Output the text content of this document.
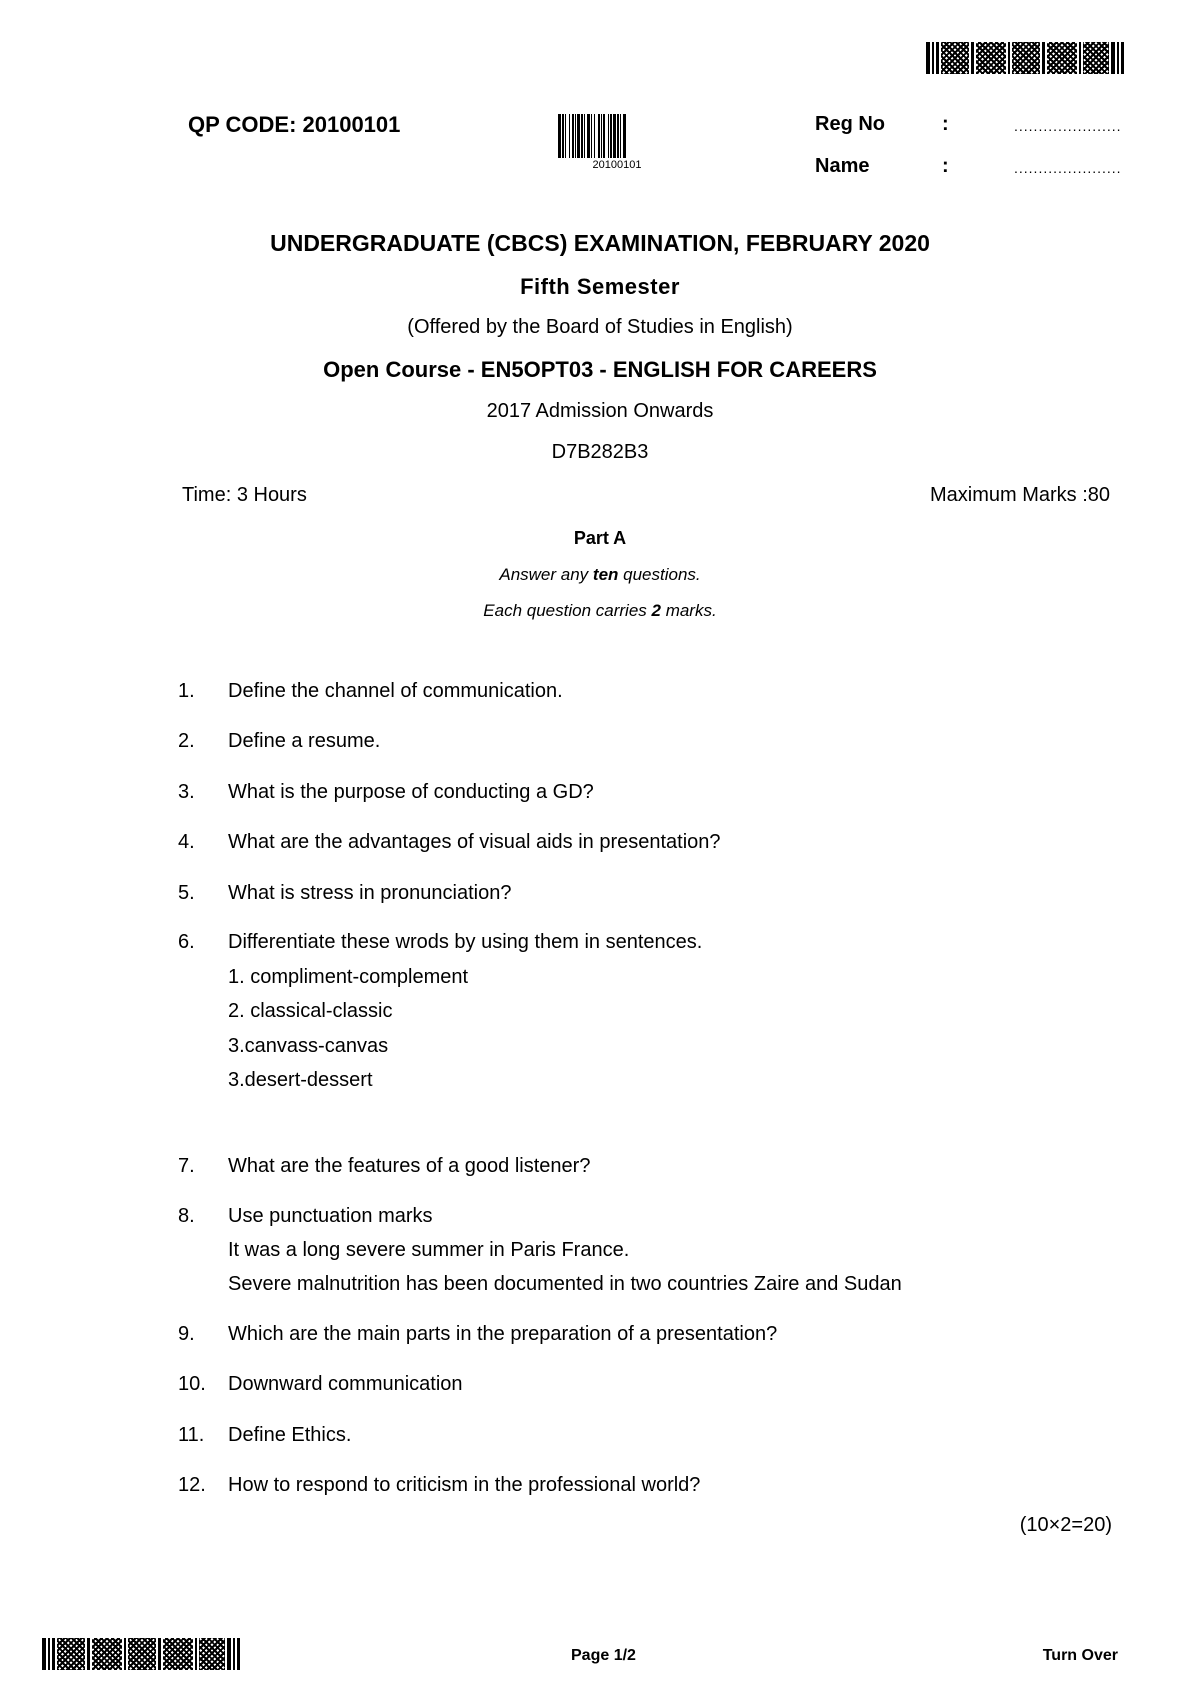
QP CODE: 20100101
20100101
Reg No	:	......................
Name	:	......................
UNDERGRADUATE (CBCS) EXAMINATION, FEBRUARY 2020
Fifth Semester
(Offered by the Board of Studies in English)
Open Course - EN5OPT03 - ENGLISH FOR CAREERS
2017 Admission Onwards
D7B282B3
Time: 3 Hours	Maximum Marks :80
Part A
Answer any ten questions.
Each question carries 2 marks.
1. Define the channel of communication.
2. Define a resume.
3. What is the purpose of conducting a GD?
4. What are the advantages of visual aids in presentation?
5. What is stress in pronunciation?
6. Differentiate these wrods by using them in sentences.
1. compliment-complement
2. classical-classic
3.canvass-canvas
3.desert-dessert
7. What are the features of a good listener?
8. Use punctuation marks
It was a long severe summer in Paris France.
Severe malnutrition has been documented in two countries Zaire and Sudan
9. Which are the main parts in the preparation of a presentation?
10. Downward communication
11. Define Ethics.
12. How to respond to criticism in the professional world?
(10×2=20)
Page 1/2	Turn Over
